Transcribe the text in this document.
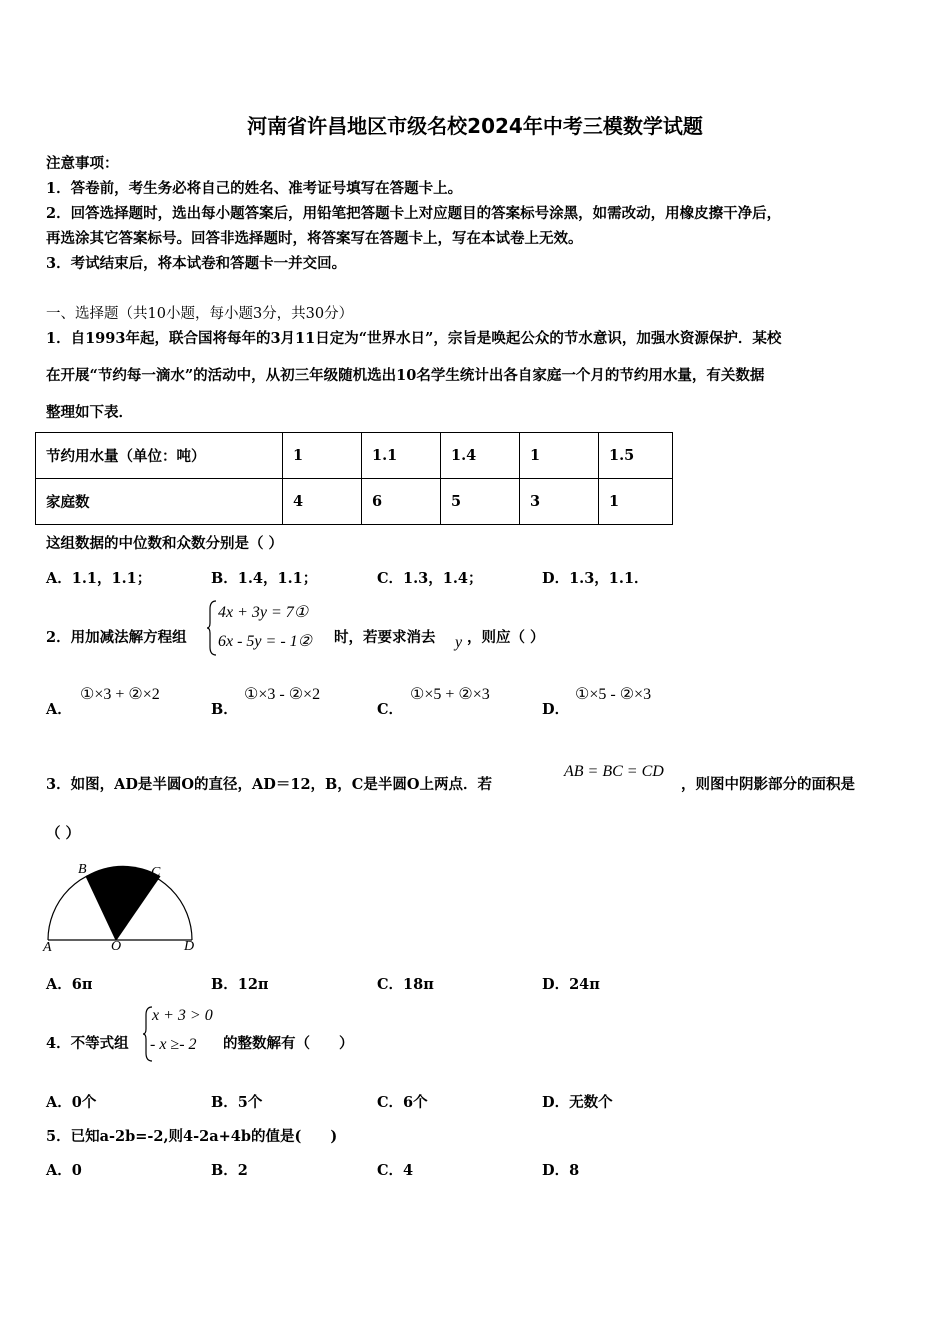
河南省许昌地区市级名校2024年中考三模数学试题
注意事项：
1．答卷前，考生务必将自己的姓名、准考证号填写在答题卡上。
2．回答选择题时，选出每小题答案后，用铅笔把答题卡上对应题目的答案标号涂黑，如需改动，用橡皮擦干净后，
再选涂其它答案标号。回答非选择题时，将答案写在答题卡上，写在本试卷上无效。
3．考试结束后，将本试卷和答题卡一并交回。
一、选择题（共10小题，每小题3分，共30分）
1．自1993年起，联合国将每年的3月11日定为“世界水日”，宗旨是唤起公众的节水意识，加强水资源保护．某校
在开展“节约每一滴水”的活动中，从初三年级随机选出10名学生统计出各自家庭一个月的节约用水量，有关数据
整理如下表．
节约用水量（单位：吨）	1	1.1	1.4	1	1.5
家庭数	4	6	5	3	1
这组数据的中位数和众数分别是（ ）
A．1.1，1.1；	B．1.4，1.1；	C．1.3，1.4；	D．1.3，1.1．
2．用加减法解方程组
4x + 3y = 7①
6x - 5y = - 1② 时，若要求消去 y ，则应（ ）
A．
①×3 + ②×2
B．
①×3 - ②×2
C．
①×5 + ②×3
D．
①×5 - ②×3
3．如图，AD是半圆O的直径，AD＝12，B，C是半圆O上两点．若
AB = BC = CD
，则图中阴影部分的面积是
（ ）
A
B	C
D
O
A．6π	B．12π	C．18π	D．24π
4．不等式组
x + 3 > 0
- x ≥- 2 的整数解有（　　）
A．0个	B．5个	C．6个	D．无数个
5．已知a-2b=-2,则4-2a+4b的值是(　　)
A．0	B．2	C．4	D．8
